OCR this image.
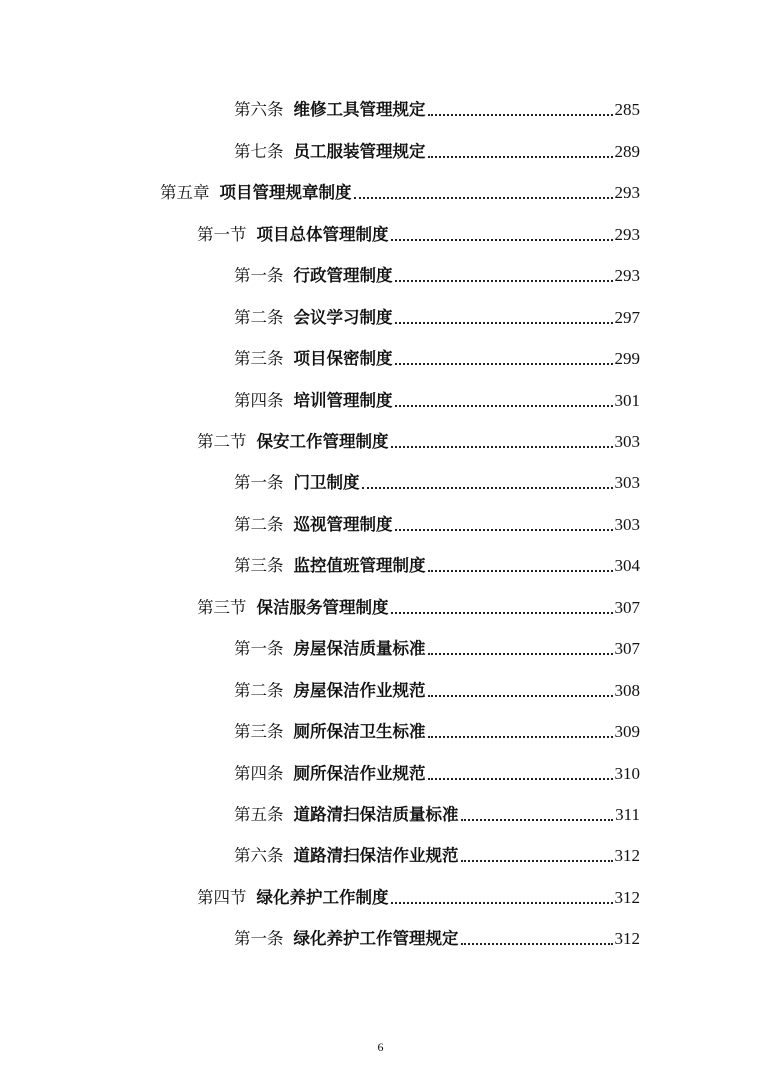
第六条 维修工具管理规定	285
第七条 员工服装管理规定	289
第五章 项目管理规章制度	293
第一节 项目总体管理制度	293
第一条 行政管理制度	293
第二条 会议学习制度	297
第三条 项目保密制度	299
第四条 培训管理制度	301
第二节 保安工作管理制度	303
第一条 门卫制度	303
第二条 巡视管理制度	303
第三条 监控值班管理制度	304
第三节 保洁服务管理制度	307
第一条 房屋保洁质量标准	307
第二条 房屋保洁作业规范	308
第三条 厕所保洁卫生标准	309
第四条 厕所保洁作业规范	310
第五条 道路清扫保洁质量标准	311
第六条 道路清扫保洁作业规范	312
第四节 绿化养护工作制度	312
第一条 绿化养护工作管理规定	312
6
